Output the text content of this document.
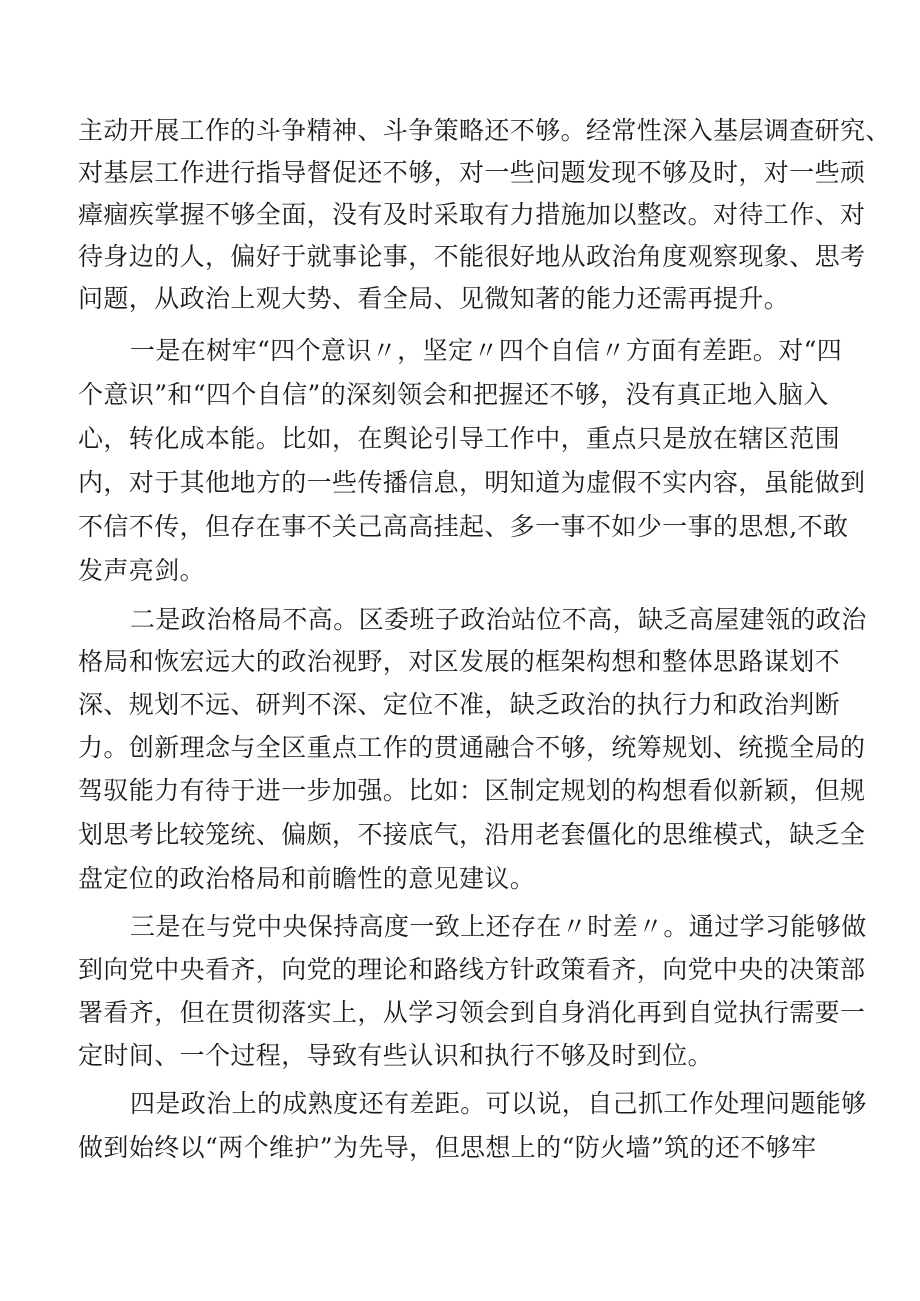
主动开展工作的斗争精神、斗争策略还不够。经常性深入基层调查研究、
对基层工作进行指导督促还不够，对一些问题发现不够及时，对一些顽
瘴痼疾掌握不够全面，没有及时采取有力措施加以整改。对待工作、对
待身边的人，偏好于就事论事，不能很好地从政治角度观察现象、思考
问题，从政治上观大势、看全局、见微知著的能力还需再提升。
一是在树牢“四个意识〃，坚定〃四个自信〃方面有差距。对“四
个意识”和“四个自信”的深刻领会和把握还不够，没有真正地入脑入
心，转化成本能。比如，在舆论引导工作中，重点只是放在辖区范围
内，对于其他地方的一些传播信息，明知道为虚假不实内容，虽能做到
不信不传，但存在事不关己高高挂起、多一事不如少一事的思想,不敢
发声亮剑。
二是政治格局不高。区委班子政治站位不高，缺乏高屋建瓴的政治
格局和恢宏远大的政治视野，对区发展的框架构想和整体思路谋划不
深、规划不远、研判不深、定位不准，缺乏政治的执行力和政治判断
力。创新理念与全区重点工作的贯通融合不够，统筹规划、统揽全局的
驾驭能力有待于进一步加强。比如：区制定规划的构想看似新颖，但规
划思考比较笼统、偏颇，不接底气，沿用老套僵化的思维模式，缺乏全
盘定位的政治格局和前瞻性的意见建议。
三是在与党中央保持高度一致上还存在〃时差〃。通过学习能够做
到向党中央看齐，向党的理论和路线方针政策看齐，向党中央的决策部
署看齐，但在贯彻落实上，从学习领会到自身消化再到自觉执行需要一
定时间、一个过程，导致有些认识和执行不够及时到位。
四是政治上的成熟度还有差距。可以说，自己抓工作处理问题能够
做到始终以“两个维护”为先导，但思想上的“防火墙”筑的还不够牢
